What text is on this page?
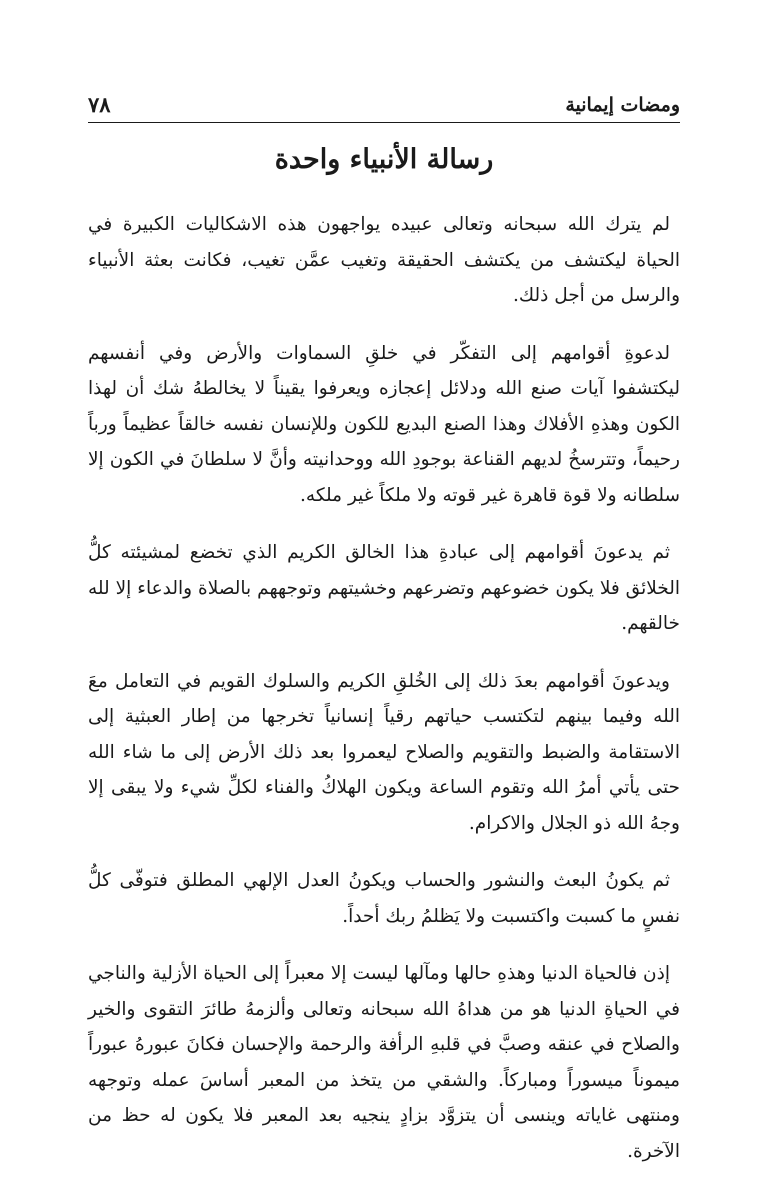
ومضات إيمانية
٧٨
رسالة الأنبياء واحدة

لم يترك الله سبحانه وتعالى عبيده يواجهون هذه الاشكاليات الكبيرة في الحياة ليكتشف من يكتشف الحقيقة وتغيب عمَّن تغيب، فكانت بعثة الأنبياء والرسل من أجل ذلك.

لدعوةِ أقوامهم إلى التفكّر في خلقِ السماوات والأرض وفي أنفسهم ليكتشفوا آيات صنع الله ودلائل إعجازه ويعرفوا يقيناً لا يخالطهُ شك أن لهذا الكون وهذهِ الأفلاك وهذا الصنع البديع للكون وللإنسان نفسه خالقاً عظيماً ورباً رحيماً، وتترسخُ لديهم القناعة بوجودِ الله ووحدانيته وأنَّ لا سلطانَ في الكون إلا سلطانه ولا قوة قاهرة غير قوته ولا ملكاً غير ملكه.

ثم يدعونَ أقوامهم إلى عبادةِ هذا الخالق الكريم الذي تخضع لمشيئته كلُّ الخلائق فلا يكون خضوعهم وتضرعهم وخشيتهم وتوجههم بالصلاة والدعاء إلا لله خالقهم.

ويدعونَ أقوامهم بعدَ ذلك إلى الخُلقِ الكريم والسلوك القويم في التعامل معَ الله وفيما بينهم لتكتسب حياتهم رقياً إنسانياً تخرجها من إطار العبثية إلى الاستقامة والضبط والتقويم والصلاح ليعمروا بعد ذلك الأرض إلى ما شاء الله حتى يأتي أمرُ الله وتقوم الساعة ويكون الهلاكُ والفناء لكلِّ شيء ولا يبقى إلا وجهُ الله ذو الجلال والاكرام.

ثم يكونُ البعث والنشور والحساب ويكونُ العدل الإلهي المطلق فتوفّى كلُّ نفسٍ ما كسبت واكتسبت ولا يَظلمُ ربك أحداً.

إذن فالحياة الدنيا وهذهِ حالها ومآلها ليست إلا معبراً إلى الحياة الأزلية والناجي في الحياةِ الدنيا هو من هداهُ الله سبحانه وتعالى وألزمهُ طائرَ التقوى والخير والصلاح في عنقه وصبَّ في قلبهِ الرأفة والرحمة والإحسان فكانَ عبورهُ عبوراً ميموناً ميسوراً ومباركاً. والشقي من يتخذ من المعبر أساسَ عمله وتوجهه ومنتهى غاياته وينسى أن يتزوَّد بزادٍ ينجيه بعد المعبر فلا يكون له حظ من الآخرة.
